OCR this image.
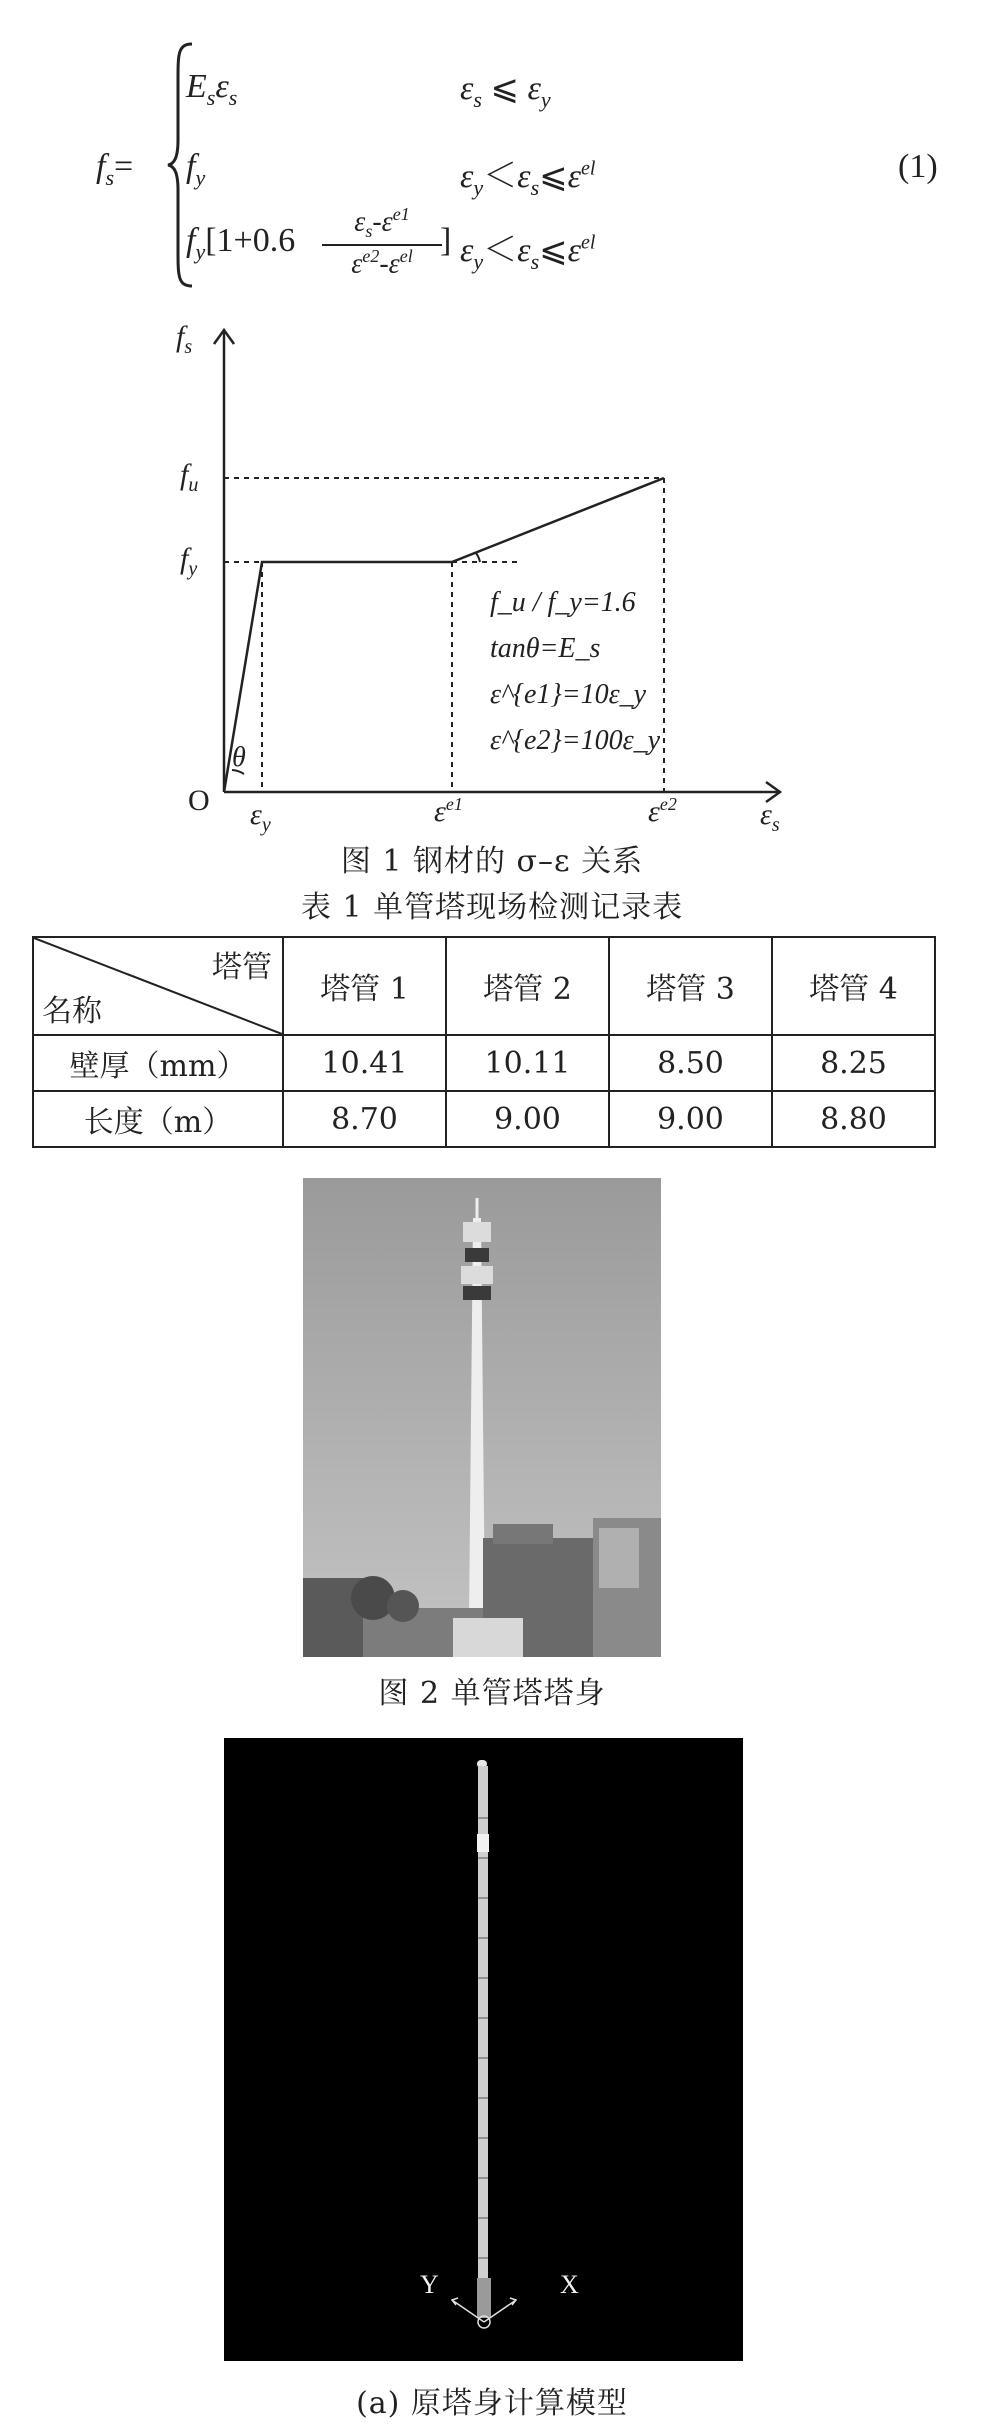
$f_s=$
$E_s\varepsilon_s$	$\varepsilon_s$ ⩽ $\varepsilon_y$
$f_y$	$\varepsilon_y<\varepsilon_s⩽\varepsilon^{el}$
$f_y[1+0.6$
$\varepsilon_s-\varepsilon^{e1}$
$\varepsilon^{e2}-\varepsilon^{el}$ ] $\varepsilon_y<\varepsilon_s⩽\varepsilon^{el}$
(1)
$f_s$
$f_u$
$f_y$
O
θ
$\varepsilon_y$	$\varepsilon^{e1}$	$\varepsilon^{e2}$	$\varepsilon_s$
f_u / f_y=1.6
tanθ=E_s
ε^{e1}=10ε_y
ε^{e2}=100ε_y
图 1 钢材的 σ–ε 关系
表 1 单管塔现场检测记录表
塔管
名称	塔管 1	塔管 2	塔管 3	塔管 4
壁厚（mm）	10.41	10.11	8.50	8.25
长度（m）	8.70	9.00	9.00	8.80
图 2 单管塔塔身
Y	X
(a) 原塔身计算模型
